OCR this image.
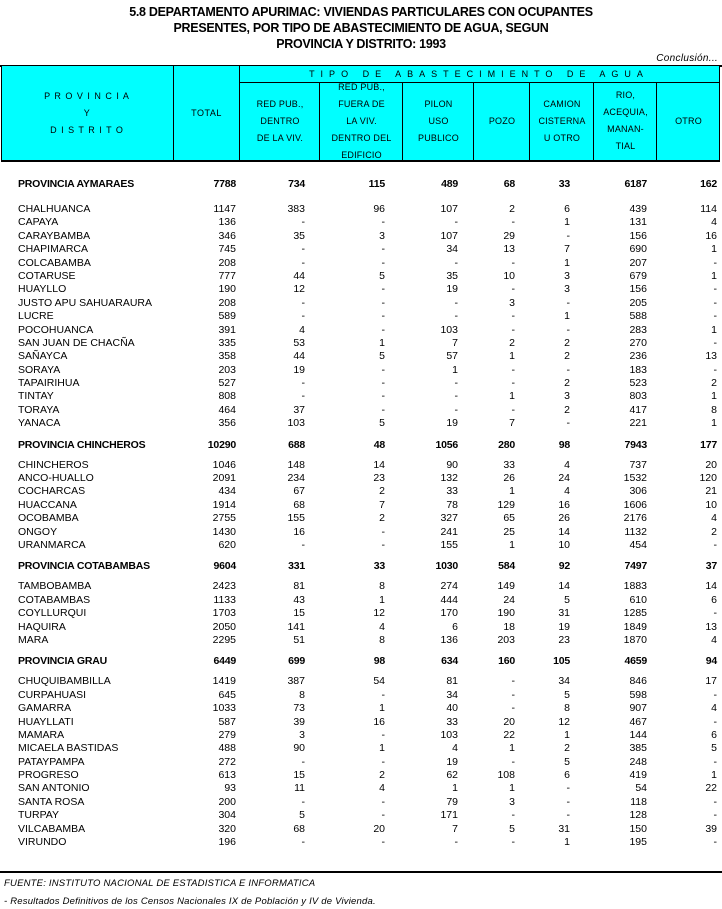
5.8 DEPARTAMENTO APURIMAC: VIVIENDAS PARTICULARES CON OCUPANTES
PRESENTES, POR TIPO DE ABASTECIMIENTO DE AGUA, SEGUN
PROVINCIA Y DISTRITO: 1993
Conclusión...
P R O V I N C I A
Y
D I S T R I T O
TOTAL
TIPO DE ABASTECIMIENTO DE AGUA
RED PUB.,
DENTRO
DE LA VIV.
RED PUB.,
FUERA DE
LA VIV.
DENTRO DEL
EDIFICIO
PILON
USO
PUBLICO
POZO
CAMION
CISTERNA
U OTRO
RIO,
ACEQUIA,
MANAN-
TIAL
OTRO
PROVINCIA AYMARAES	7788	734	115	489	68	33	6187	162
CHALHUANCA	1147	383	96	107	2	6	439	114
CAPAYA	136	-	-	-	-	1	131	4
CARAYBAMBA	346	35	3	107	29	-	156	16
CHAPIMARCA	745	-	-	34	13	7	690	1
COLCABAMBA	208	-	-	-	-	1	207	-
COTARUSE	777	44	5	35	10	3	679	1
HUAYLLO	190	12	-	19	-	3	156	-
JUSTO APU SAHUARAURA	208	-	-	-	3	-	205	-
LUCRE	589	-	-	-	-	1	588	-
POCOHUANCA	391	4	-	103	-	-	283	1
SAN JUAN DE CHACÑA	335	53	1	7	2	2	270	-
SAÑAYCA	358	44	5	57	1	2	236	13
SORAYA	203	19	-	1	-	-	183	-
TAPAIRIHUA	527	-	-	-	-	2	523	2
TINTAY	808	-	-	-	1	3	803	1
TORAYA	464	37	-	-	-	2	417	8
YANACA	356	103	5	19	7	-	221	1
PROVINCIA CHINCHEROS	10290	688	48	1056	280	98	7943	177
CHINCHEROS	1046	148	14	90	33	4	737	20
ANCO-HUALLO	2091	234	23	132	26	24	1532	120
COCHARCAS	434	67	2	33	1	4	306	21
HUACCANA	1914	68	7	78	129	16	1606	10
OCOBAMBA	2755	155	2	327	65	26	2176	4
ONGOY	1430	16	-	241	25	14	1132	2
URANMARCA	620	-	-	155	1	10	454	-
PROVINCIA COTABAMBAS	9604	331	33	1030	584	92	7497	37
TAMBOBAMBA	2423	81	8	274	149	14	1883	14
COTABAMBAS	1133	43	1	444	24	5	610	6
COYLLURQUI	1703	15	12	170	190	31	1285	-
HAQUIRA	2050	141	4	6	18	19	1849	13
MARA	2295	51	8	136	203	23	1870	4
PROVINCIA GRAU	6449	699	98	634	160	105	4659	94
CHUQUIBAMBILLA	1419	387	54	81	-	34	846	17
CURPAHUASI	645	8	-	34	-	5	598	-
GAMARRA	1033	73	1	40	-	8	907	4
HUAYLLATI	587	39	16	33	20	12	467	-
MAMARA	279	3	-	103	22	1	144	6
MICAELA BASTIDAS	488	90	1	4	1	2	385	5
PATAYPAMPA	272	-	-	19	-	5	248	-
PROGRESO	613	15	2	62	108	6	419	1
SAN ANTONIO	93	11	4	1	1	-	54	22
SANTA ROSA	200	-	-	79	3	-	118	-
TURPAY	304	5	-	171	-	-	128	-
VILCABAMBA	320	68	20	7	5	31	150	39
VIRUNDO	196	-	-	-	-	1	195	-
FUENTE: INSTITUTO NACIONAL DE ESTADISTICA E INFORMATICA
- Resultados Definitivos de los Censos Nacionales IX de Población y IV de Vivienda.
